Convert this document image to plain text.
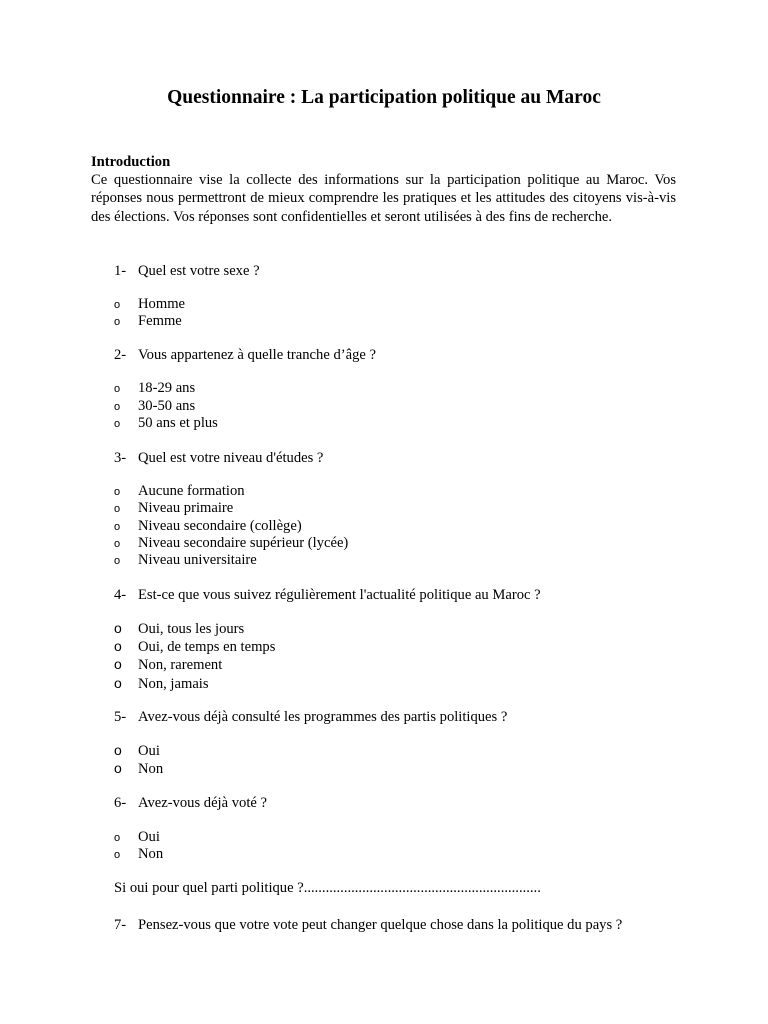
Questionnaire : La participation politique au Maroc
Introduction
Ce questionnaire vise la collecte des informations sur la participation politique au Maroc. Vos réponses nous permettront de mieux comprendre les pratiques et les attitudes des citoyens vis-à-vis des élections. Vos réponses sont confidentielles et seront utilisées à des fins de recherche.
1- Quel est votre sexe ?
o Homme
o Femme
2- Vous appartenez à quelle tranche d’âge ?
o 18-29 ans
o 30-50 ans
o 50 ans et plus
3- Quel est votre niveau d'études ?
o Aucune formation
o Niveau primaire
o Niveau secondaire (collège)
o Niveau secondaire supérieur (lycée)
o Niveau universitaire
4- Est-ce que vous suivez régulièrement l'actualité politique au Maroc ?
o Oui, tous les jours
o Oui, de temps en temps
o Non, rarement
o Non, jamais
5- Avez-vous déjà consulté les programmes des partis politiques ?
o Oui
o Non
6- Avez-vous déjà voté ?
o Oui
o Non
Si oui pour quel parti politique ?.................................................................
7- Pensez-vous que votre vote peut changer quelque chose dans la politique du pays ?
